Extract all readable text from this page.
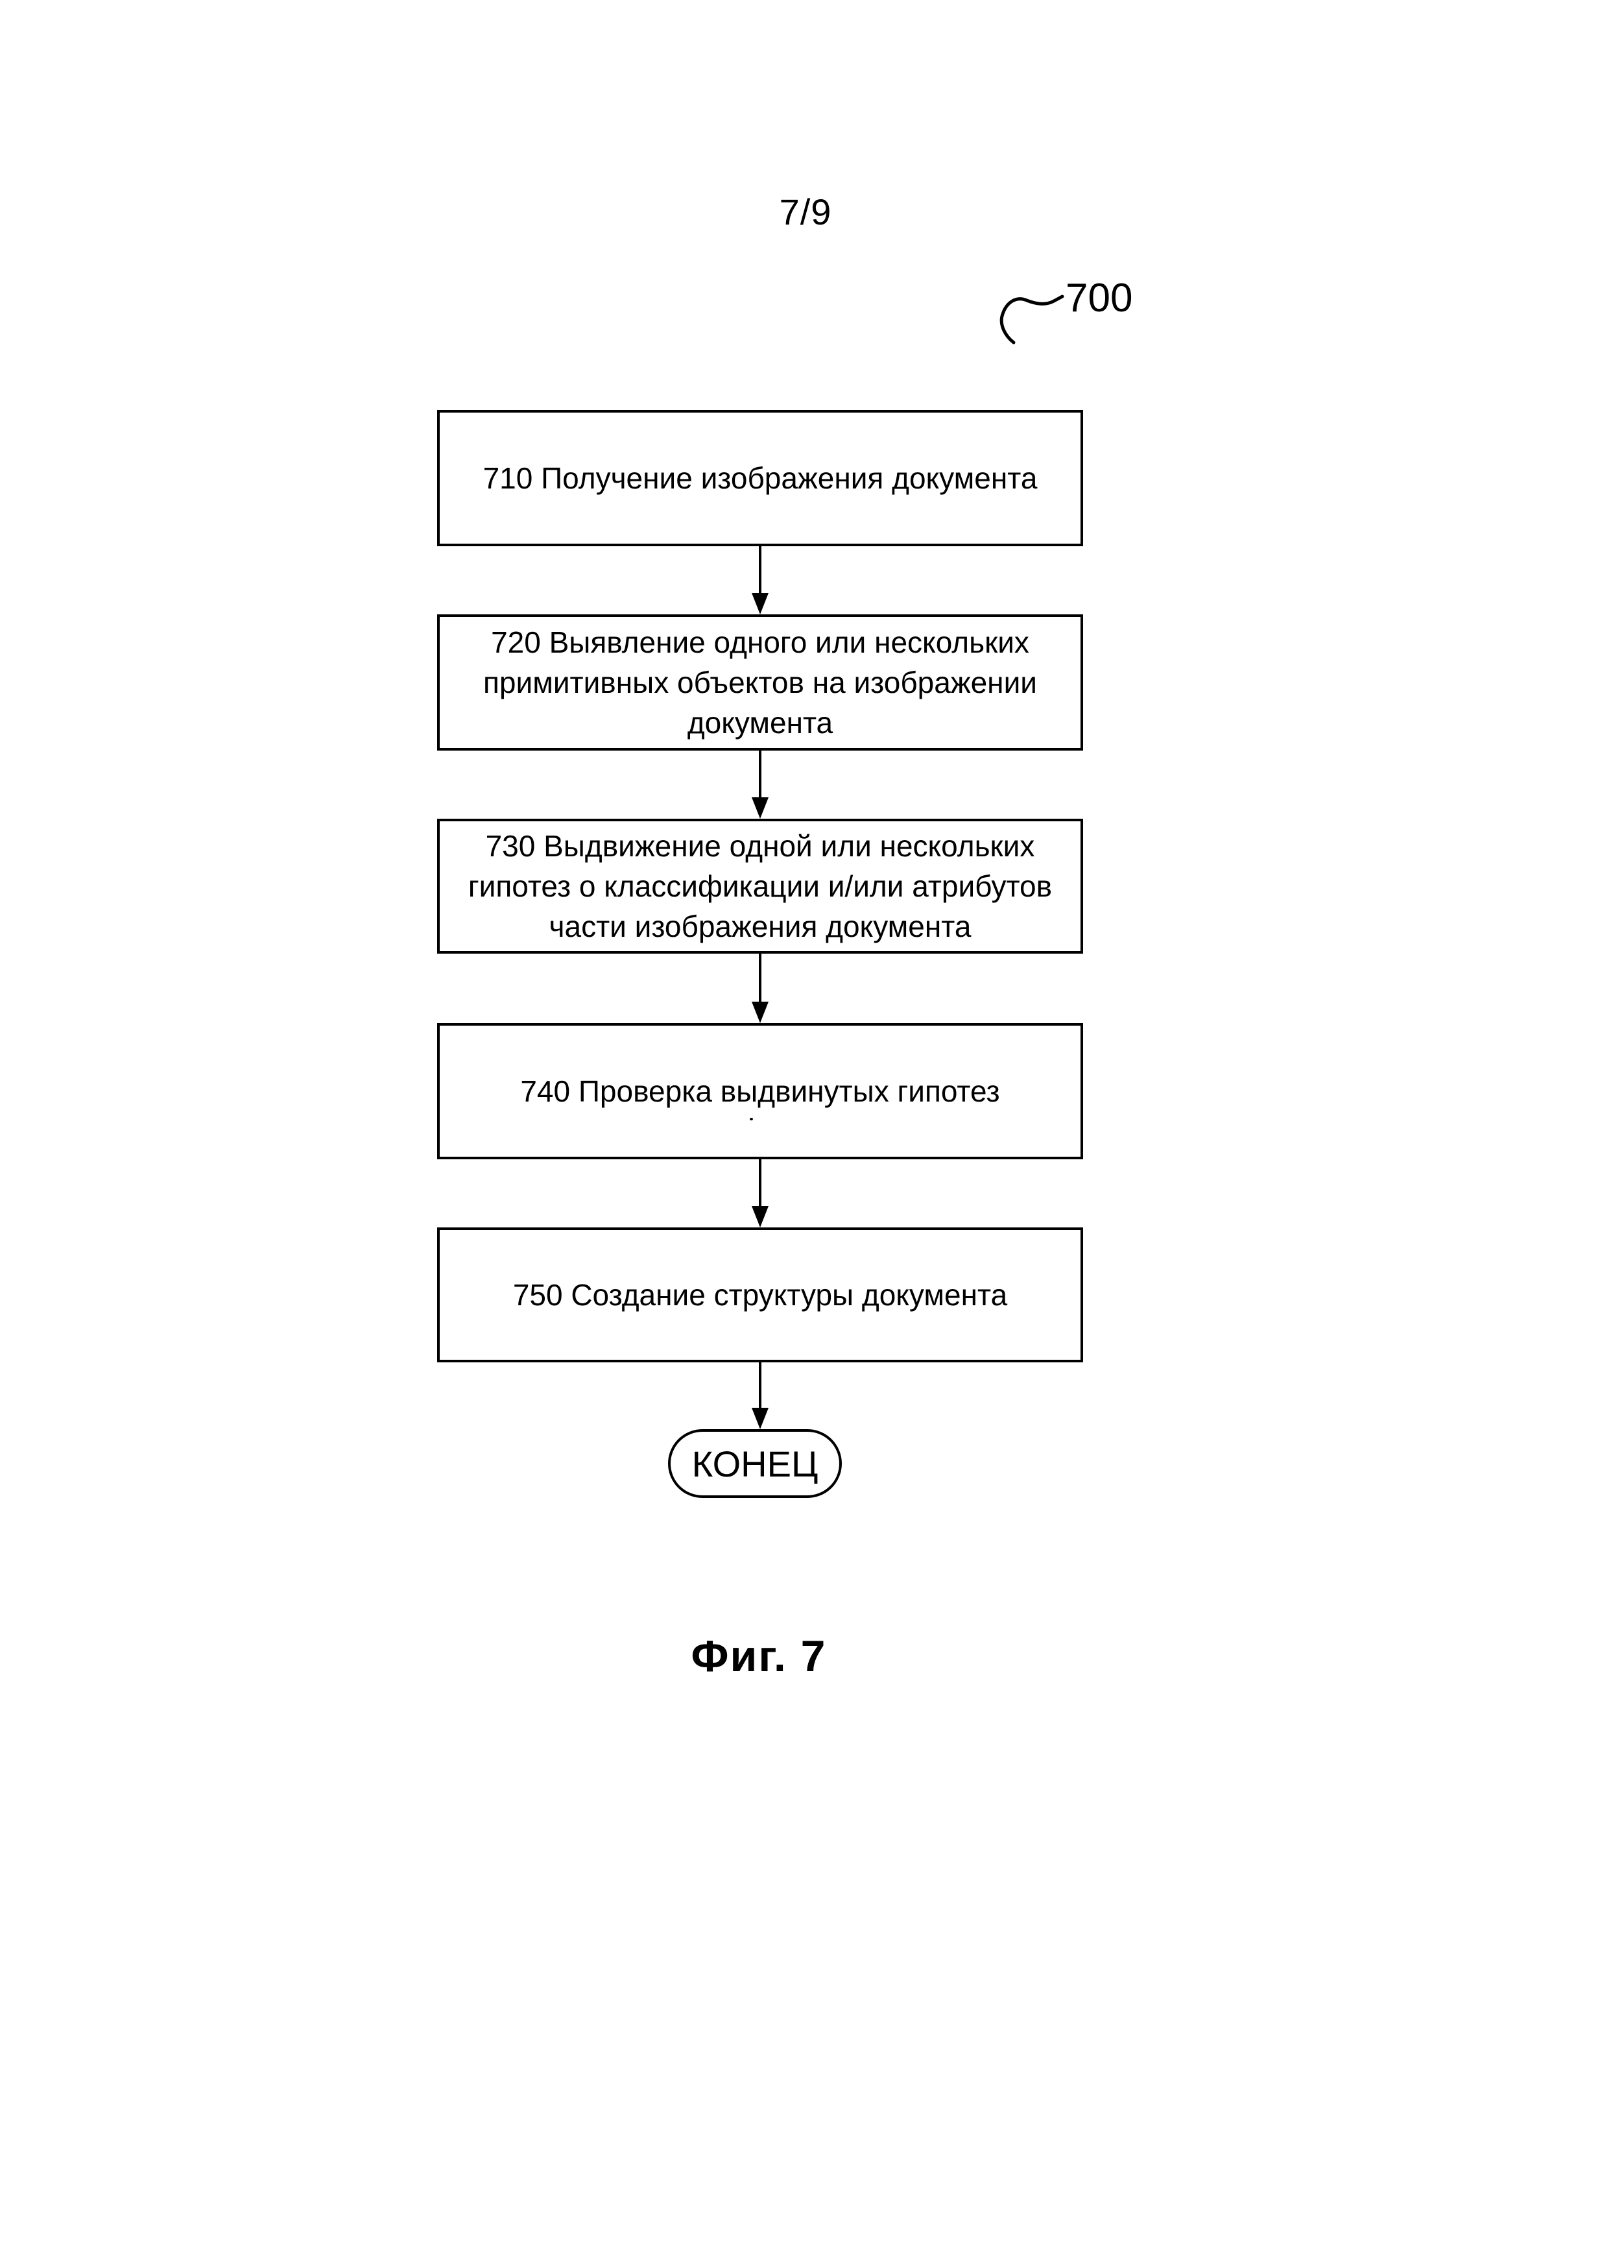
7/9
700
710 Получение изображения документа
720 Выявление одного или нескольких
примитивных объектов на изображении
документа
730 Выдвижение одной или нескольких
гипотез о классификации и/или атрибутов
части изображения документа
740 Проверка выдвинутых гипотез
750 Создание структуры документа
КОНЕЦ
Фиг. 7
